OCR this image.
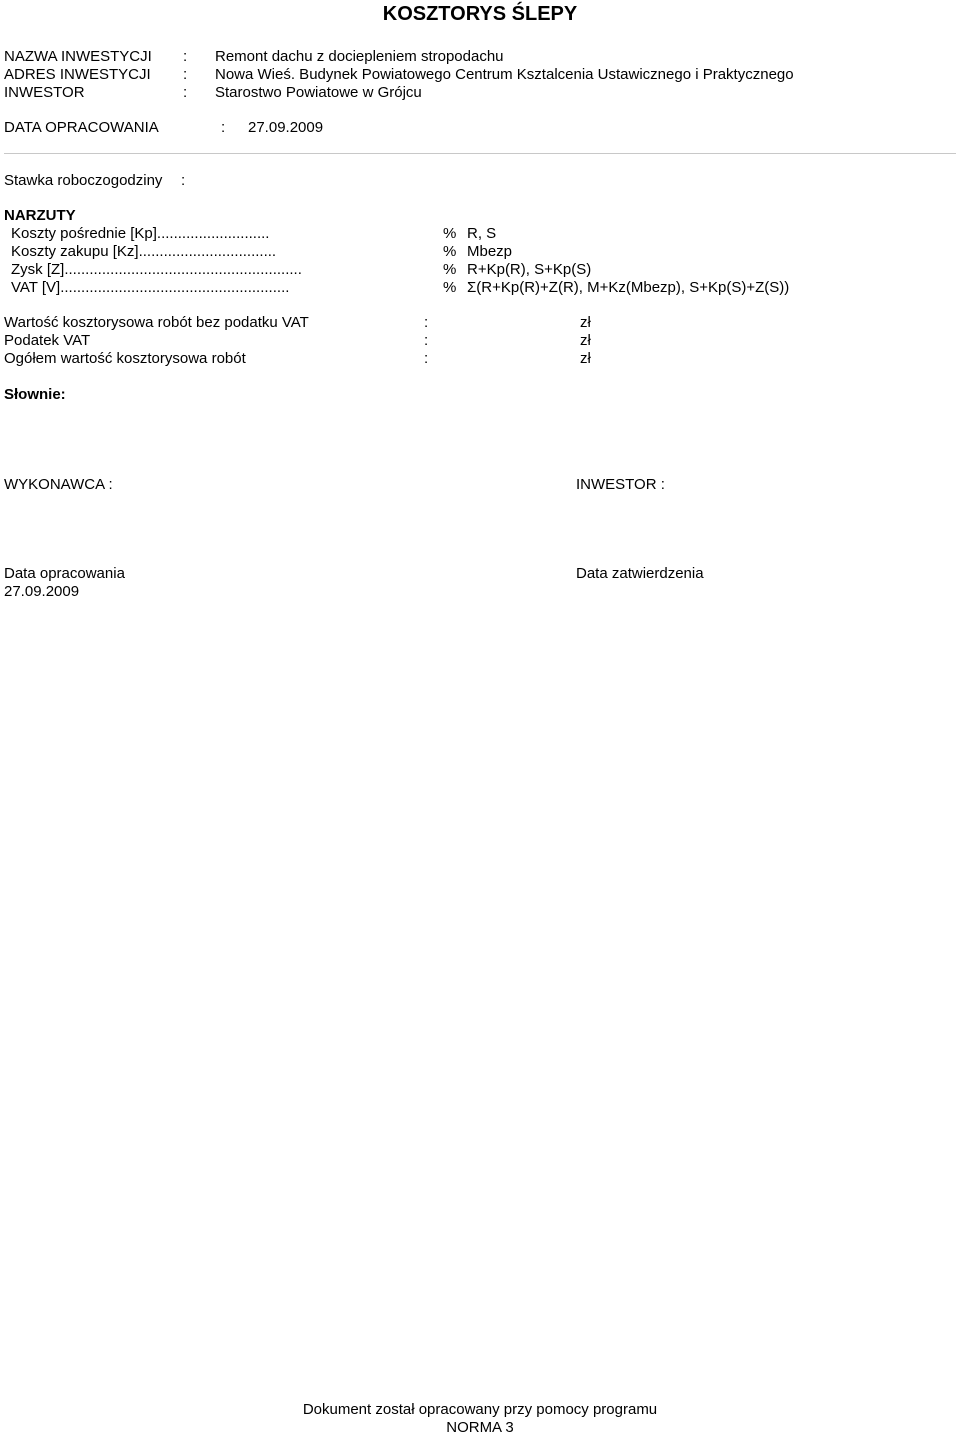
KOSZTORYS ŚLEPY
NAZWA INWESTYCJI : Remont dachu z dociepleniem stropodachu
ADRES INWESTYCJI : Nowa Wieś. Budynek Powiatowego Centrum Ksztalcenia Ustawicznego i Praktycznego
INWESTOR	: Starostwo Powiatowe w Grójcu
DATA OPRACOWANIA	: 27.09.2009
Stawka roboczogodziny :
NARZUTY
Koszty pośrednie [Kp]...........................	% R, S
Koszty zakupu [Kz].................................	% Mbezp
Zysk [Z].........................................................	% R+Kp(R), S+Kp(S)
VAT [V].......................................................	% Σ(R+Kp(R)+Z(R), M+Kz(Mbezp), S+Kp(S)+Z(S))
Wartość kosztorysowa robót bez podatku VAT	:	zł
Podatek VAT	:	zł
Ogółem wartość kosztorysowa robót	:	zł
Słownie:
WYKONAWCA :	INWESTOR :
Data opracowania
27.09.2009
Data zatwierdzenia
Dokument został opracowany przy pomocy programu
NORMA 3
